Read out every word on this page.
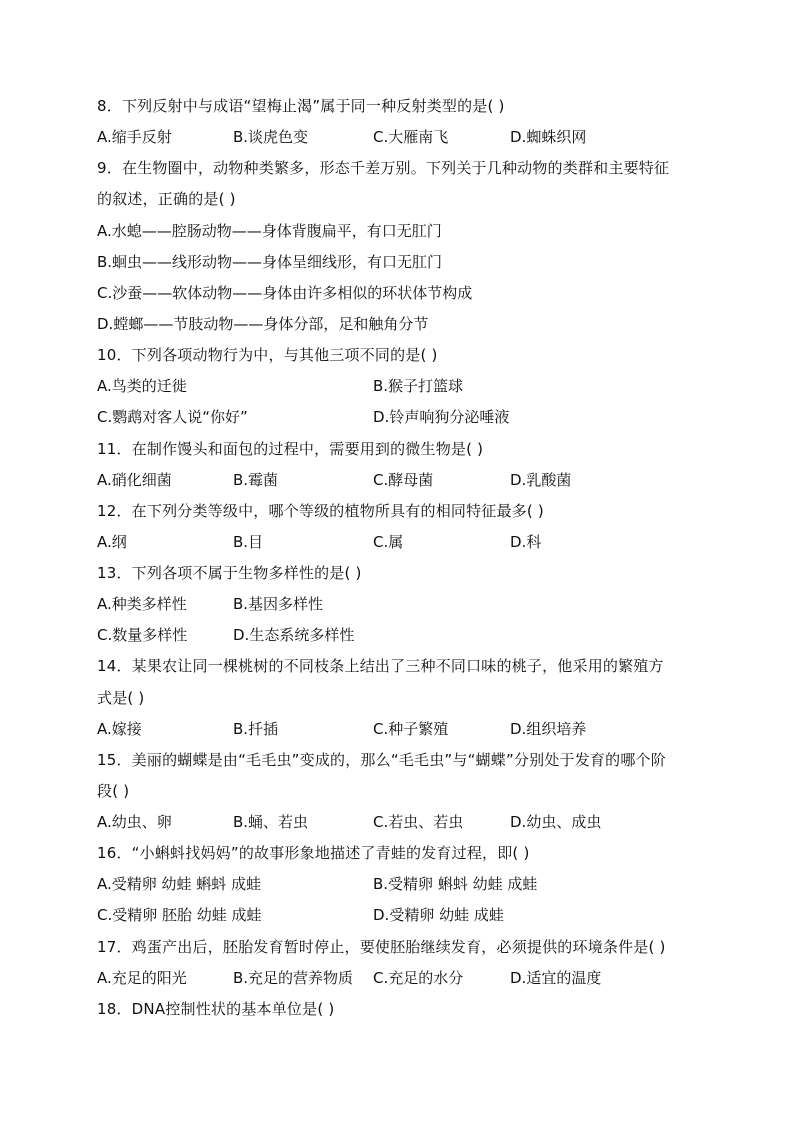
8．下列反射中与成语“望梅止渴”属于同一种反射类型的是( )
A.缩手反射	B.谈虎色变	C.大雁南飞	D.蜘蛛织网
9．在生物圈中，动物种类繁多，形态千差万别。下列关于几种动物的类群和主要特征
的叙述，正确的是( )
A.水螅——腔肠动物——身体背腹扁平，有口无肛门
B.蛔虫——线形动物——身体呈细线形，有口无肛门
C.沙蚕——软体动物——身体由许多相似的环状体节构成
D.螳螂——节肢动物——身体分部，足和触角分节
10．下列各项动物行为中，与其他三项不同的是( )
A.鸟类的迁徙	B.猴子打篮球
C.鹦鹉对客人说“你好”	D.铃声响狗分泌唾液
11．在制作馒头和面包的过程中，需要用到的微生物是( )
A.硝化细菌	B.霉菌	C.酵母菌	D.乳酸菌
12．在下列分类等级中，哪个等级的植物所具有的相同特征最多( )
A.纲	B.目	C.属	D.科
13．下列各项不属于生物多样性的是( )
A.种类多样性	B.基因多样性
C.数量多样性	D.生态系统多样性
14．某果农让同一棵桃树的不同枝条上结出了三种不同口味的桃子，他采用的繁殖方
式是( )
A.嫁接	B.扦插	C.种子繁殖	D.组织培养
15．美丽的蝴蝶是由“毛毛虫”变成的，那么“毛毛虫”与“蝴蝶”分别处于发育的哪个阶
段( )
A.幼虫、卵	B.蛹、若虫	C.若虫、若虫	D.幼虫、成虫
16．“小蝌蚪找妈妈”的故事形象地描述了青蛙的发育过程，即( )
A.受精卵 幼蛙 蝌蚪 成蛙	B.受精卵 蝌蚪 幼蛙 成蛙
C.受精卵 胚胎 幼蛙 成蛙	D.受精卵 幼蛙 成蛙
17．鸡蛋产出后，胚胎发育暂时停止，要使胚胎继续发育，必须提供的环境条件是( )
A.充足的阳光	B.充足的营养物质 C.充足的水分	D.适宜的温度
18．DNA控制性状的基本单位是( )
